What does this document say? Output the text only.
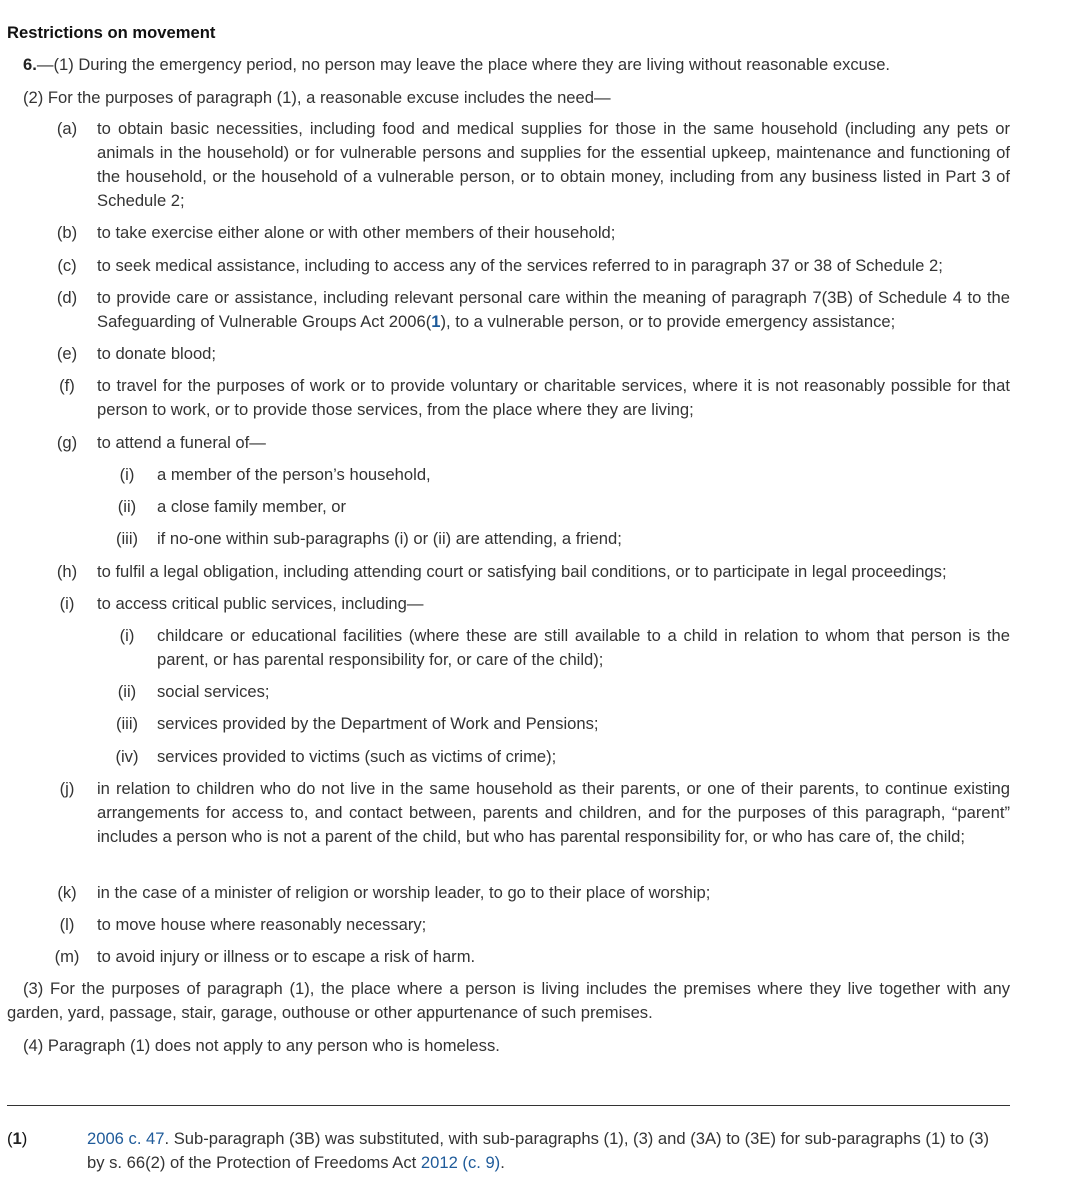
Restrictions on movement
6.—(1) During the emergency period, no person may leave the place where they are living without reasonable excuse.
(2) For the purposes of paragraph (1), a reasonable excuse includes the need—
(a)	to obtain basic necessities, including food and medical supplies for those in the same household (including any pets or animals in the household) or for vulnerable persons and supplies for the essential upkeep, maintenance and functioning of the household, or the household of a vulnerable person, or to obtain money, including from any business listed in Part 3 of Schedule 2;
(b)	to take exercise either alone or with other members of their household;
(c)	to seek medical assistance, including to access any of the services referred to in paragraph 37 or 38 of Schedule 2;
(d)	to provide care or assistance, including relevant personal care within the meaning of paragraph 7(3B) of Schedule 4 to the Safeguarding of Vulnerable Groups Act 2006(1), to a vulnerable person, or to provide emergency assistance;
(e)	to donate blood;
(f)	to travel for the purposes of work or to provide voluntary or charitable services, where it is not reasonably possible for that person to work, or to provide those services, from the place where they are living;
(g)	to attend a funeral of—
(i)	a member of the person’s household,
(ii)	a close family member, or
(iii)	if no-one within sub-paragraphs (i) or (ii) are attending, a friend;
(h)	to fulfil a legal obligation, including attending court or satisfying bail conditions, or to participate in legal proceedings;
(i)	to access critical public services, including—
(i)	childcare or educational facilities (where these are still available to a child in relation to whom that person is the parent, or has parental responsibility for, or care of the child);
(ii)	social services;
(iii)	services provided by the Department of Work and Pensions;
(iv)	services provided to victims (such as victims of crime);
(j)	in relation to children who do not live in the same household as their parents, or one of their parents, to continue existing arrangements for access to, and contact between, parents and children, and for the purposes of this paragraph, “parent” includes a person who is not a parent of the child, but who has parental responsibility for, or who has care of, the child;
(k)	in the case of a minister of religion or worship leader, to go to their place of worship;
(l)	to move house where reasonably necessary;
(m)	to avoid injury or illness or to escape a risk of harm.
(3) For the purposes of paragraph (1), the place where a person is living includes the premises where they live together with any garden, yard, passage, stair, garage, outhouse or other appurtenance of such premises.
(4) Paragraph (1) does not apply to any person who is homeless.
(1)	2006 c. 47. Sub-paragraph (3B) was substituted, with sub-paragraphs (1), (3) and (3A) to (3E) for sub-paragraphs (1) to (3) by s. 66(2) of the Protection of Freedoms Act 2012 (c. 9).
